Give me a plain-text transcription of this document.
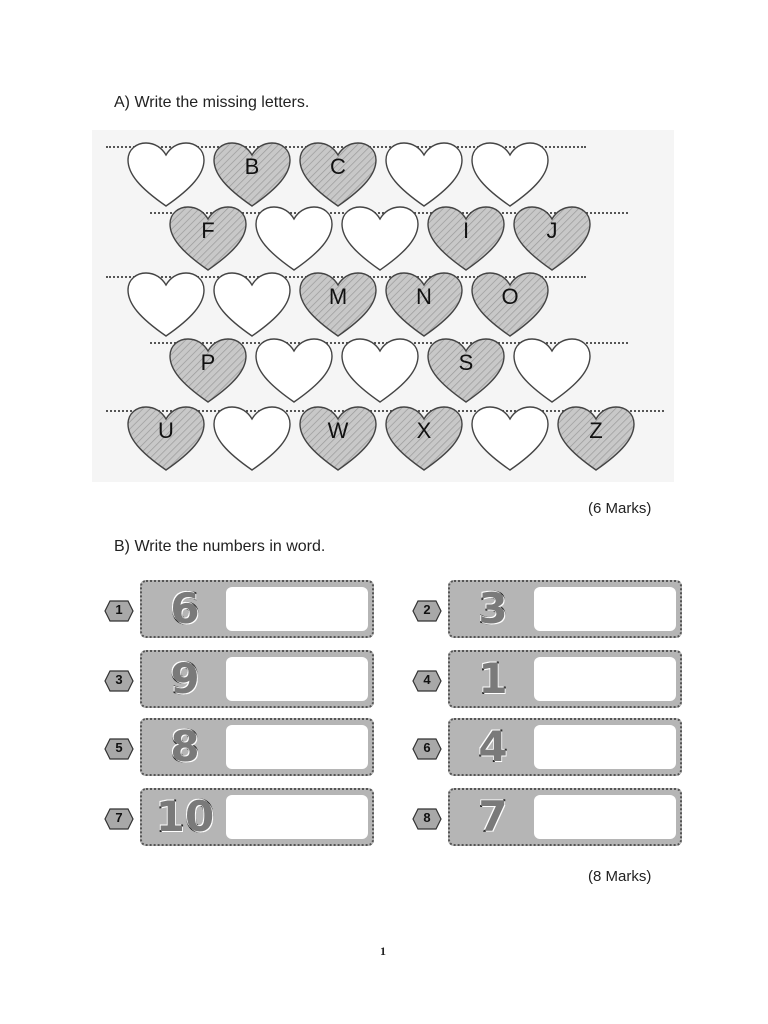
A) Write the missing letters.
B	C
F	I	J
M	N	O
P	S
U	W	X	Z
(6 Marks)
B) Write the numbers in word.
1	6	2	3
3	9	4	1
5	8	6	4
7 10	8	7
(8 Marks)
1
